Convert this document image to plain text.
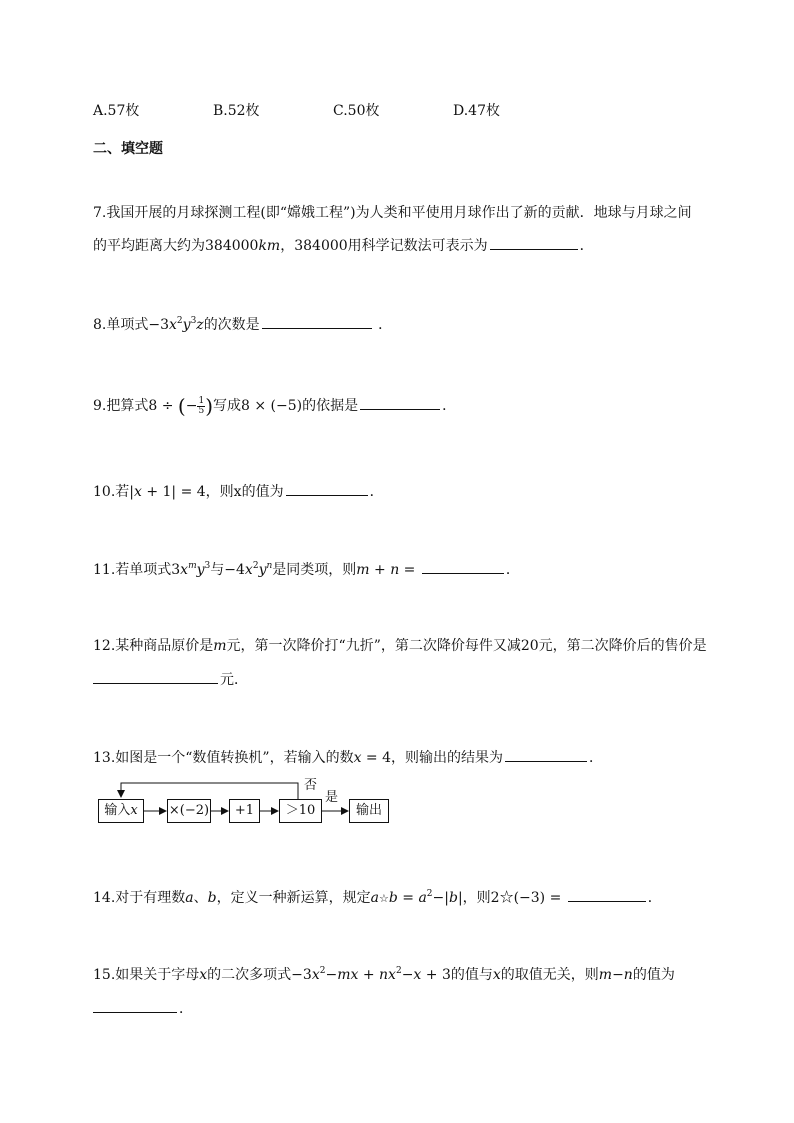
A.57枚	B.52枚	C.50枚	D.47枚
二、填空题
7.我国开展的月球探测工程(即“嫦娥工程”)为人类和平使用月球作出了新的贡献．地球与月球之间
的平均距离大约为384000km，384000用科学记数法可表示为	．
8.单项式$-3x^2y^3z$的次数是	．
9.把算式8 ÷ (− $\frac{1}{5}$ )写成8 × (−5)的依据是	．
10.若|x + 1| = 4，则x的值为	．
11.若单项式$3x^my^3$与$-4x^2y^n$是同类项，则m + n =	．
12.某种商品原价是m元，第一次降价打“九折”，第二次降价每件又减20元，第二次降价后的售价是
元．
13.如图是一个“数值转换机”，若输入的数x = 4，则输出的结果为	．
输入x	×(−2)	+1	＞10	输出
否
是
14.对于有理数a、b，定义一种新运算，规定a☆b = $a^2-|b|$，则2☆(−3) =	．
15.如果关于字母x的二次多项式$-3x^2-mx + nx^2-x + 3$的值与x的取值无关，则m−n的值为
．
